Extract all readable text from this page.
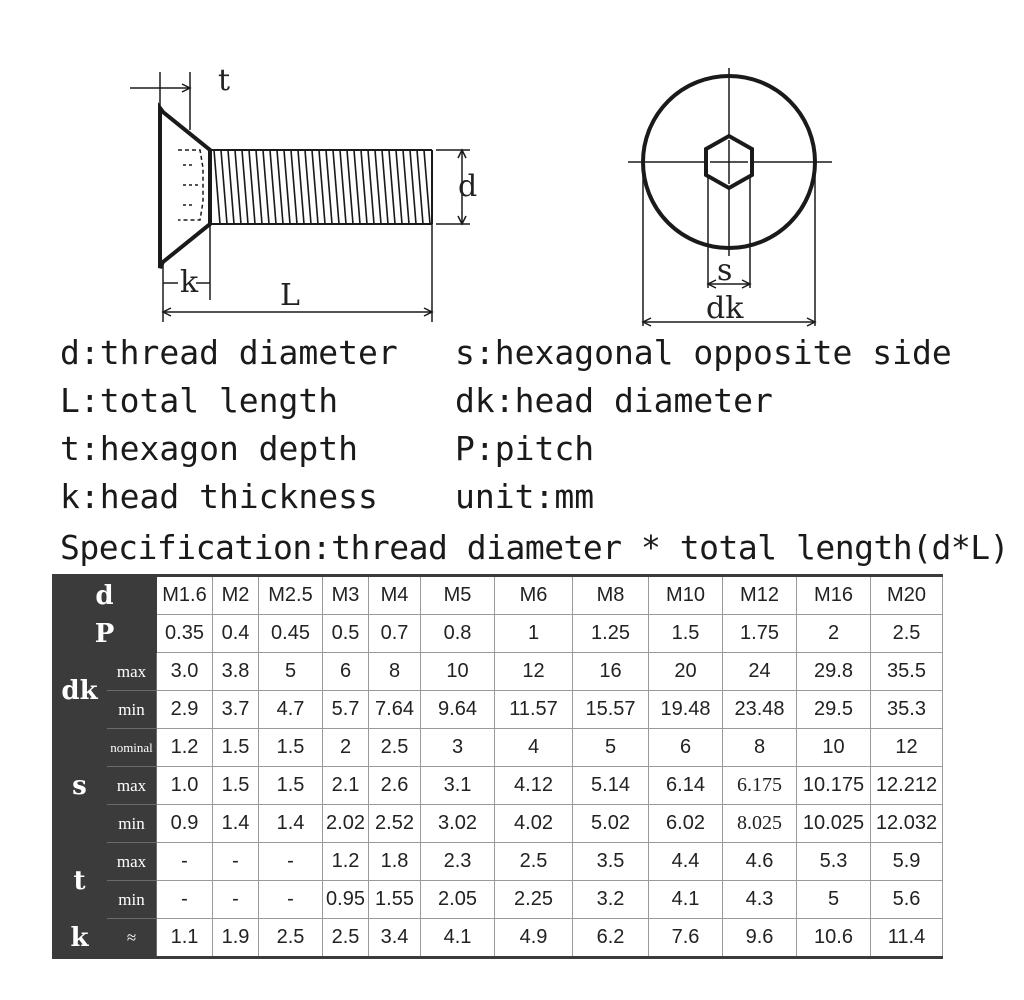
t
d
k	L
s
dk
d:thread diameter
L:total length
t:hexagon depth
k:head thickness
s:hexagonal opposite side
dk:head diameter
P:pitch
unit:mm
Specification:thread diameter * total length(d*L)
d		M1.6	M2	M2.5	M3	M4	M5	M6	M8	M10	M12	M16	M20
P		0.35	0.4	0.45	0.5	0.7	0.8	1	1.25	1.5	1.75	2	2.5
dk	max	3.0	3.8	5	6	8	10	12	16	20	24	29.8	35.5
	min	2.9	3.7	4.7	5.7	7.64	9.64	11.57	15.57	19.48	23.48	29.5	35.3
s	nominal	1.2	1.5	1.5	2	2.5	3	4	5	6	8	10	12
	max	1.0	1.5	1.5	2.1	2.6	3.1	4.12	5.14	6.14	6.175	10.175	12.212
	min	0.9	1.4	1.4	2.02	2.52	3.02	4.02	5.02	6.02	8.025	10.025	12.032
t	max	-	-	-	1.2	1.8	2.3	2.5	3.5	4.4	4.6	5.3	5.9
	min	-	-	-	0.95	1.55	2.05	2.25	3.2	4.1	4.3	5	5.6
k	≈	1.1	1.9	2.5	2.5	3.4	4.1	4.9	6.2	7.6	9.6	10.6	11.4
